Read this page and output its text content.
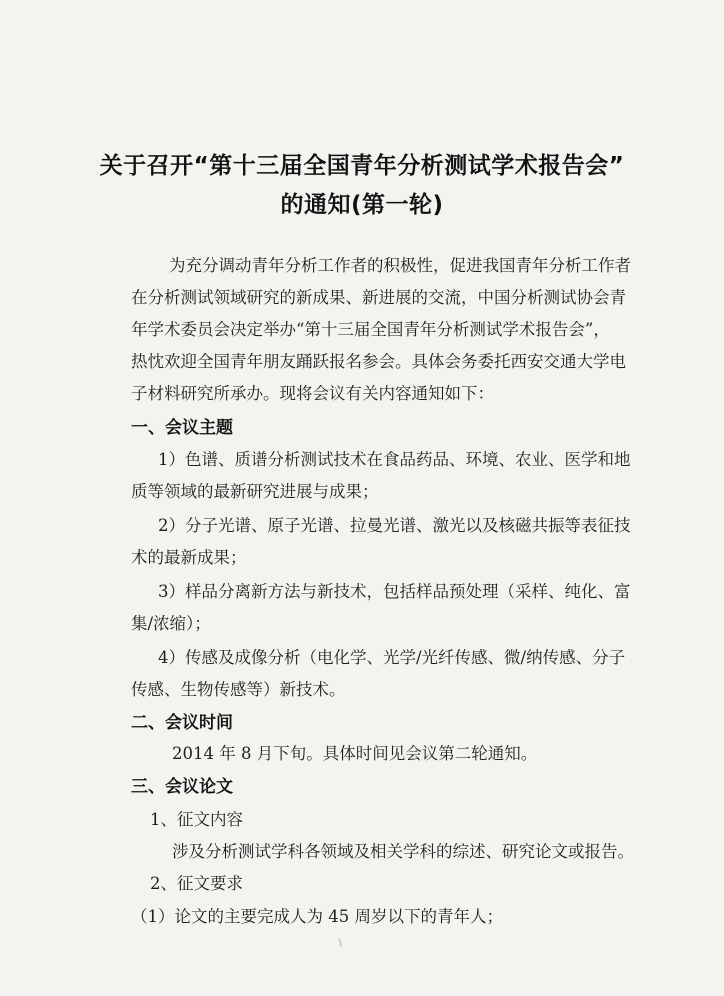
关于召开“第十三届全国青年分析测试学术报告会”
的通知(第一轮)
为充分调动青年分析工作者的积极性，促进我国青年分析工作者
在分析测试领域研究的新成果、新进展的交流，中国分析测试协会青
年学术委员会决定举办“第十三届全国青年分析测试学术报告会”，
热忱欢迎全国青年朋友踊跃报名参会。具体会务委托西安交通大学电
子材料研究所承办。现将会议有关内容通知如下：
一、会议主题
1）色谱、质谱分析测试技术在食品药品、环境、农业、医学和地
质等领域的最新研究进展与成果；
2）分子光谱、原子光谱、拉曼光谱、激光以及核磁共振等表征技
术的最新成果；
3）样品分离新方法与新技术，包括样品预处理（采样、纯化、富
集/浓缩）；
4）传感及成像分析（电化学、光学/光纤传感、微/纳传感、分子
传感、生物传感等）新技术。
二、会议时间
2014 年 8 月下旬。具体时间见会议第二轮通知。
三、会议论文
1、征文内容
涉及分析测试学科各领域及相关学科的综述、研究论文或报告。
2、征文要求
（1）论文的主要完成人为 45 周岁以下的青年人；
ꝇ
